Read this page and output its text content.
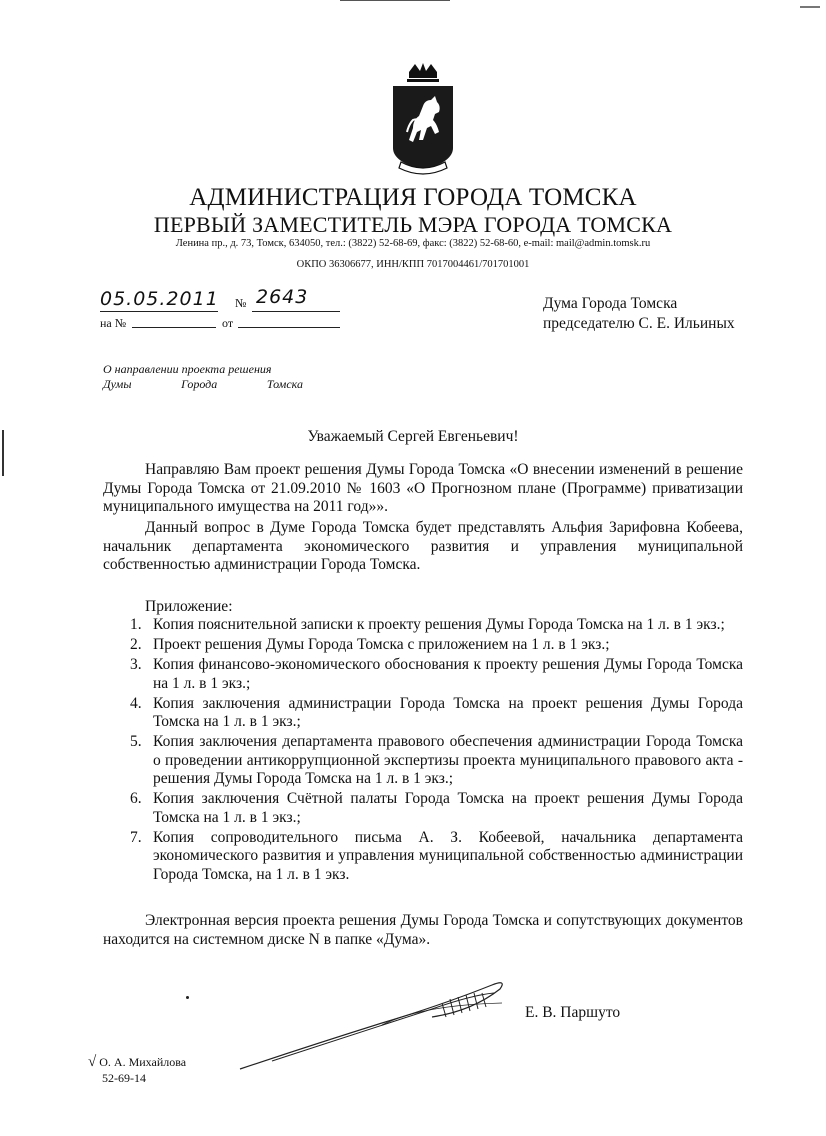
АДМИНИСТРАЦИЯ ГОРОДА ТОМСКА
ПЕРВЫЙ ЗАМЕСТИТЕЛЬ МЭРА ГОРОДА ТОМСКА
Ленина пр., д. 73, Томск, 634050, тел.: (3822) 52-68-69, факс: (3822) 52-68-60, e-mail: mail@admin.tomsk.ru
ОКПО 36306677, ИНН/КПП 7017004461/701701001
05.05.2011 № 2643
на №	от
Дума Города Томска
председателю С. Е. Ильиных
О направлении проекта решения
Думы	Города	Томска
Уважаемый Сергей Евгеньевич!
Направляю Вам проект решения Думы Города Томска «О внесении изменений в решение Думы Города Томска от 21.09.2010 № 1603 «О Прогнозном плане (Программе) приватизации муниципального имущества на 2011 год»».
Данный вопрос в Думе Города Томска будет представлять Альфия Зарифовна Кобеева, начальник департамента экономического развития и управления муниципальной собственностью администрации Города Томска.
Приложение:
1. Копия пояснительной записки к проекту решения Думы Города Томска на 1 л. в 1 экз.;
2. Проект решения Думы Города Томска с приложением на 1 л. в 1 экз.;
3. Копия финансово-экономического обоснования к проекту решения Думы Города Томска на 1 л. в 1 экз.;
4. Копия заключения администрации Города Томска на проект решения Думы Города Томска на 1 л. в 1 экз.;
5. Копия заключения департамента правового обеспечения администрации Города Томска о проведении антикоррупционной экспертизы проекта муниципального правового акта - решения Думы Города Томска на 1 л. в 1 экз.;
6. Копия заключения Счётной палаты Города Томска на проект решения Думы Города Томска на 1 л. в 1 экз.;
7. Копия сопроводительного письма А. З. Кобеевой, начальника департамента экономического развития и управления муниципальной собственностью администрации Города Томска, на 1 л. в 1 экз.
Электронная версия проекта решения Думы Города Томска и сопутствующих документов находится на системном диске N в папке «Дума».
Е. В. Паршуто
√ О. А. Михайлова
52-69-14
